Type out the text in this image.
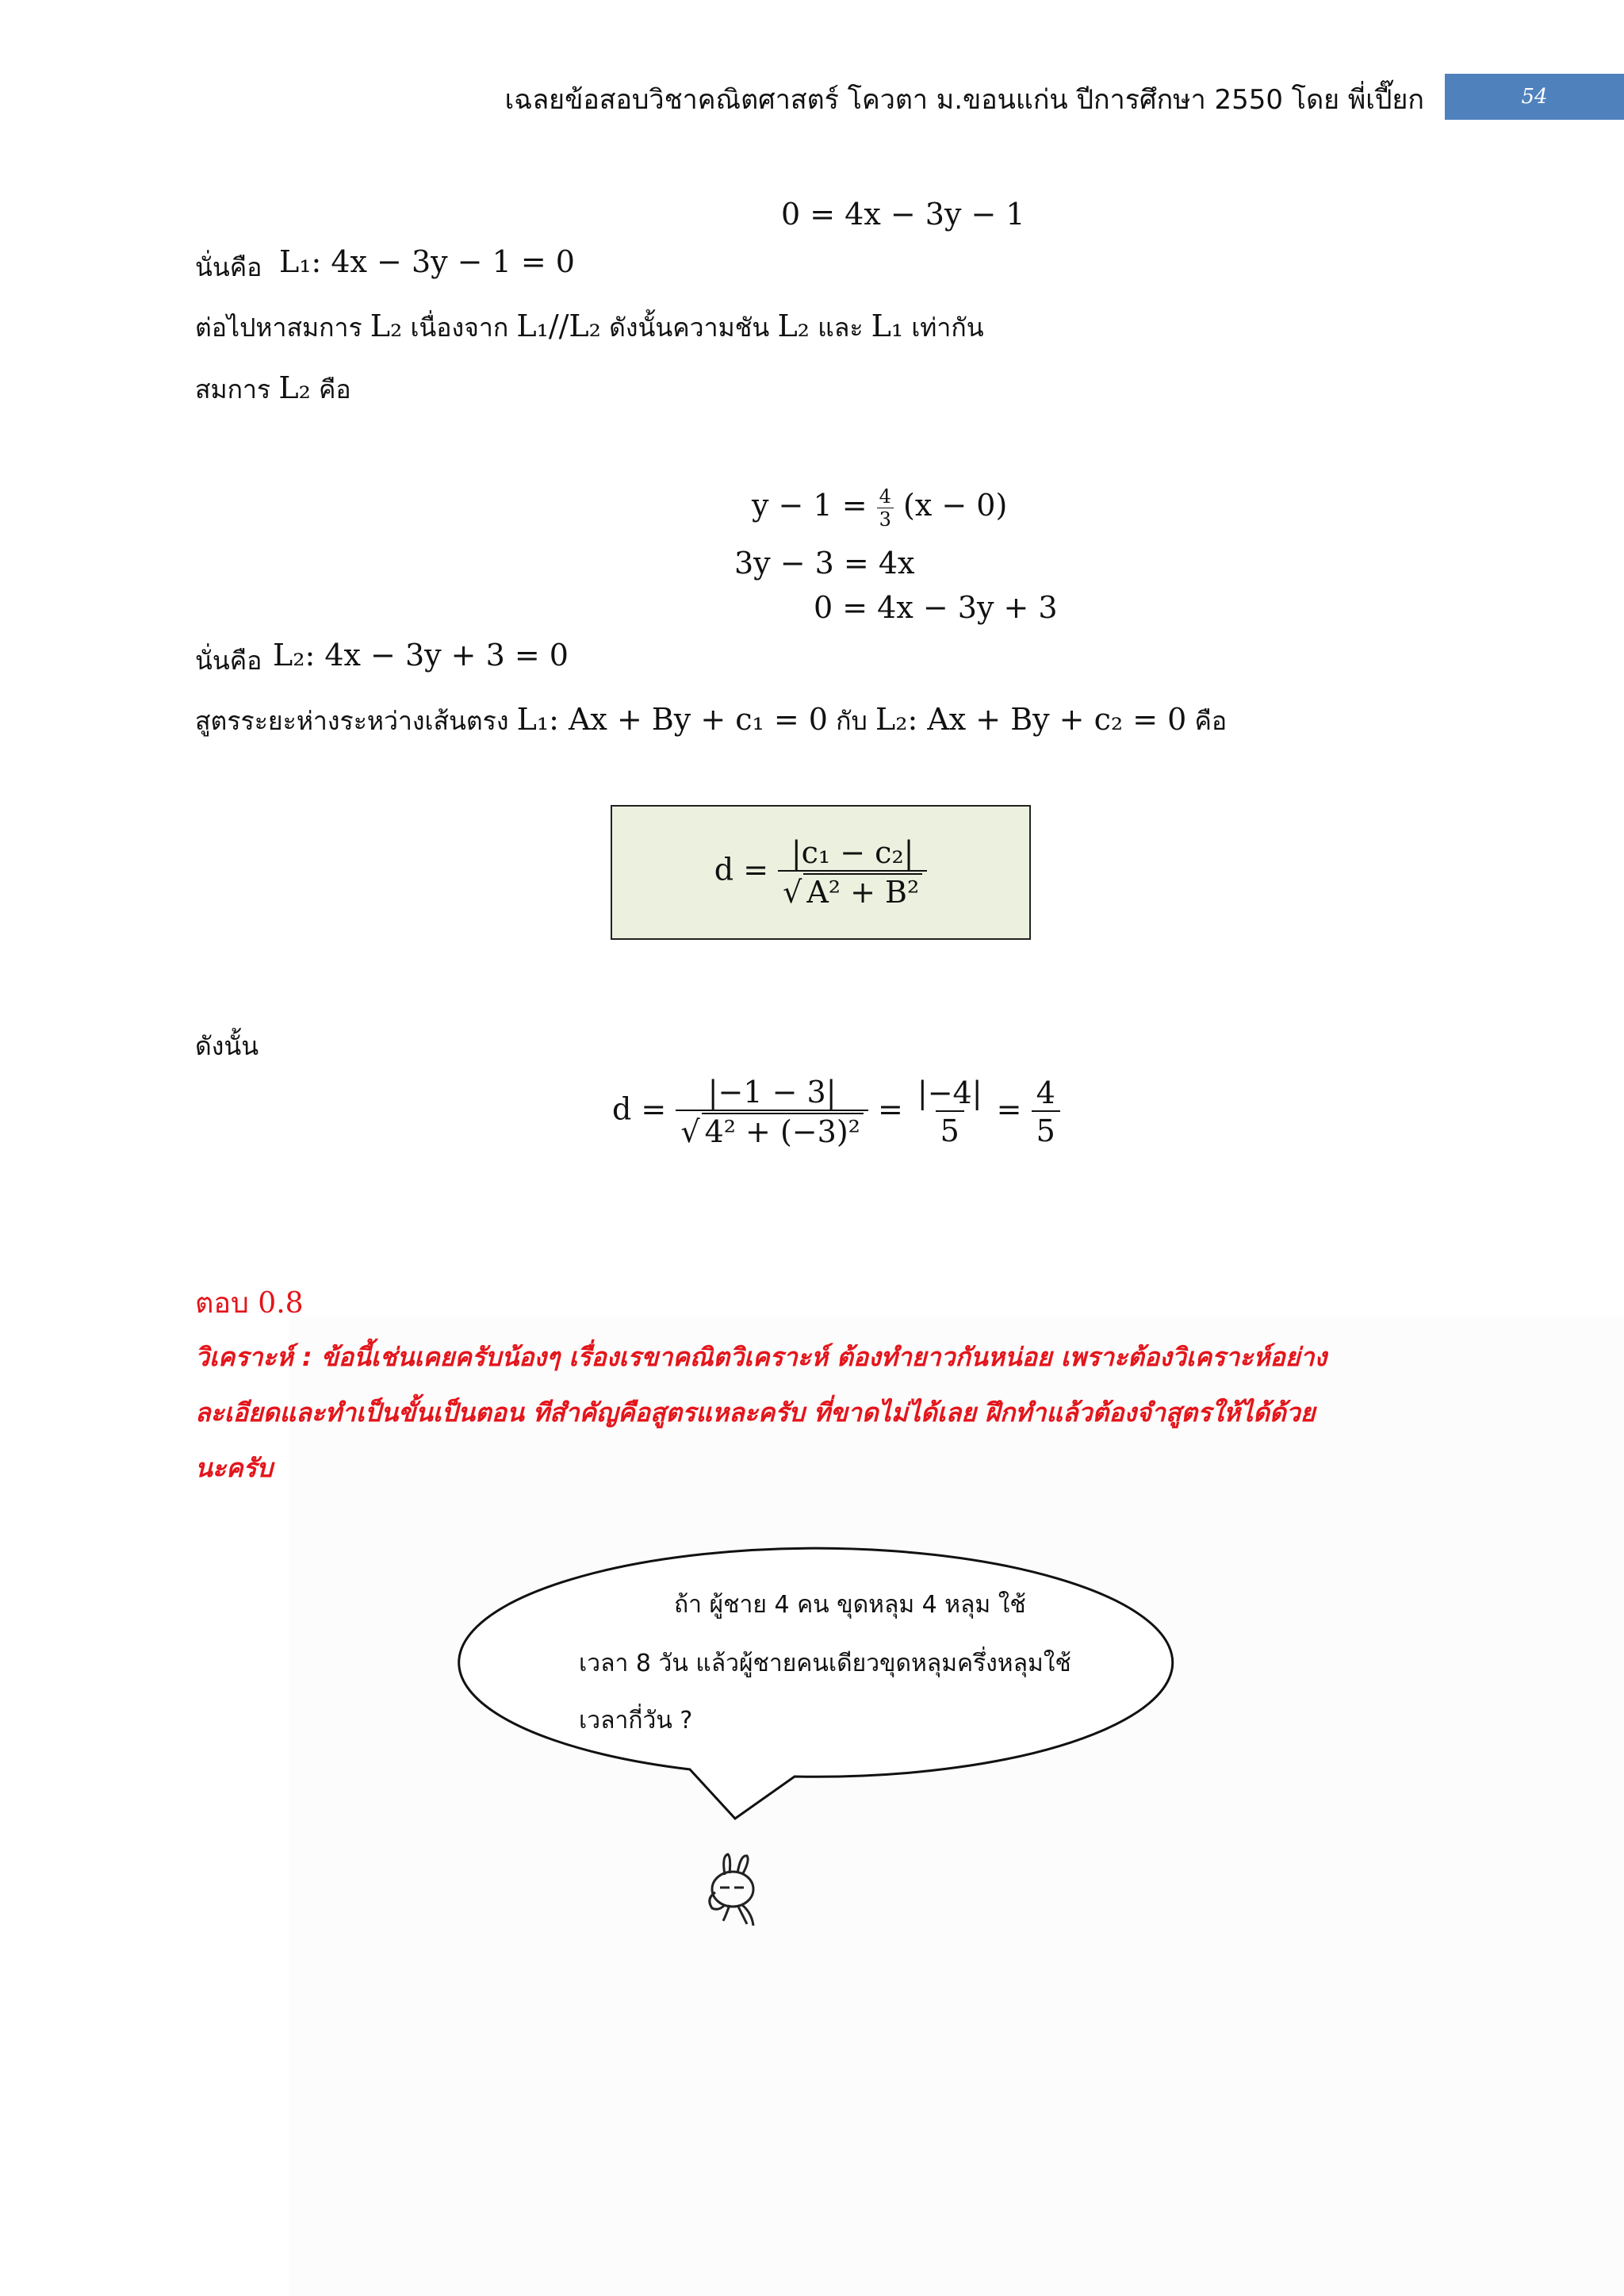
เฉลยข้อสอบวิชาคณิตศาสตร์ โควตา ม.ขอนแก่น ปีการศึกษา 2550 โดย พี่เปี๊ยก	54
0 = 4x − 3y − 1
นั่นคือ L₁: 4x − 3y − 1 = 0
ต่อไปหาสมการ L₂ เนื่องจาก L₁//L₂ ดังนั้นความชัน L₂ และ L₁ เท่ากัน
สมการ L₂ คือ
$y - 1 = \frac{4}{3} (x - 0)$
3y − 3 = 4x
0 = 4x − 3y + 3
นั่นคือ L₂: 4x − 3y + 3 = 0
สูตรระยะห่างระหว่างเส้นตรง L₁: Ax + By + c₁ = 0 กับ L₂: Ax + By + c₂ = 0 คือ
$d = \frac{\text{|c₁ − c₂|}}{\text{√ A² + B²}}$
ดังนั้น
$d = \frac{|-1 - 3|}{\text{√ 4² + (−3)²}} = \frac{|-4|}{5} = \frac{4}{5}$
ตอบ 0.8
วิเคราะห์ : ข้อนี้เช่นเคยครับน้องๆ เรื่องเรขาคณิตวิเคราะห์ ต้องทำยาวกันหน่อย เพราะต้องวิเคราะห์อย่าง
ละเอียดและทำเป็นขั้นเป็นตอน ทีสำคัญคือสูตรแหละครับ ที่ขาดไม่ได้เลย ฝึกทำแล้วต้องจำสูตรให้ได้ด้วย
นะครับ
ถ้า ผู้ชาย 4 คน ขุดหลุม 4 หลุม ใช้
เวลา 8 วัน แล้วผู้ชายคนเดียวขุดหลุมครึ่งหลุมใช้
เวลากี่วัน ?
